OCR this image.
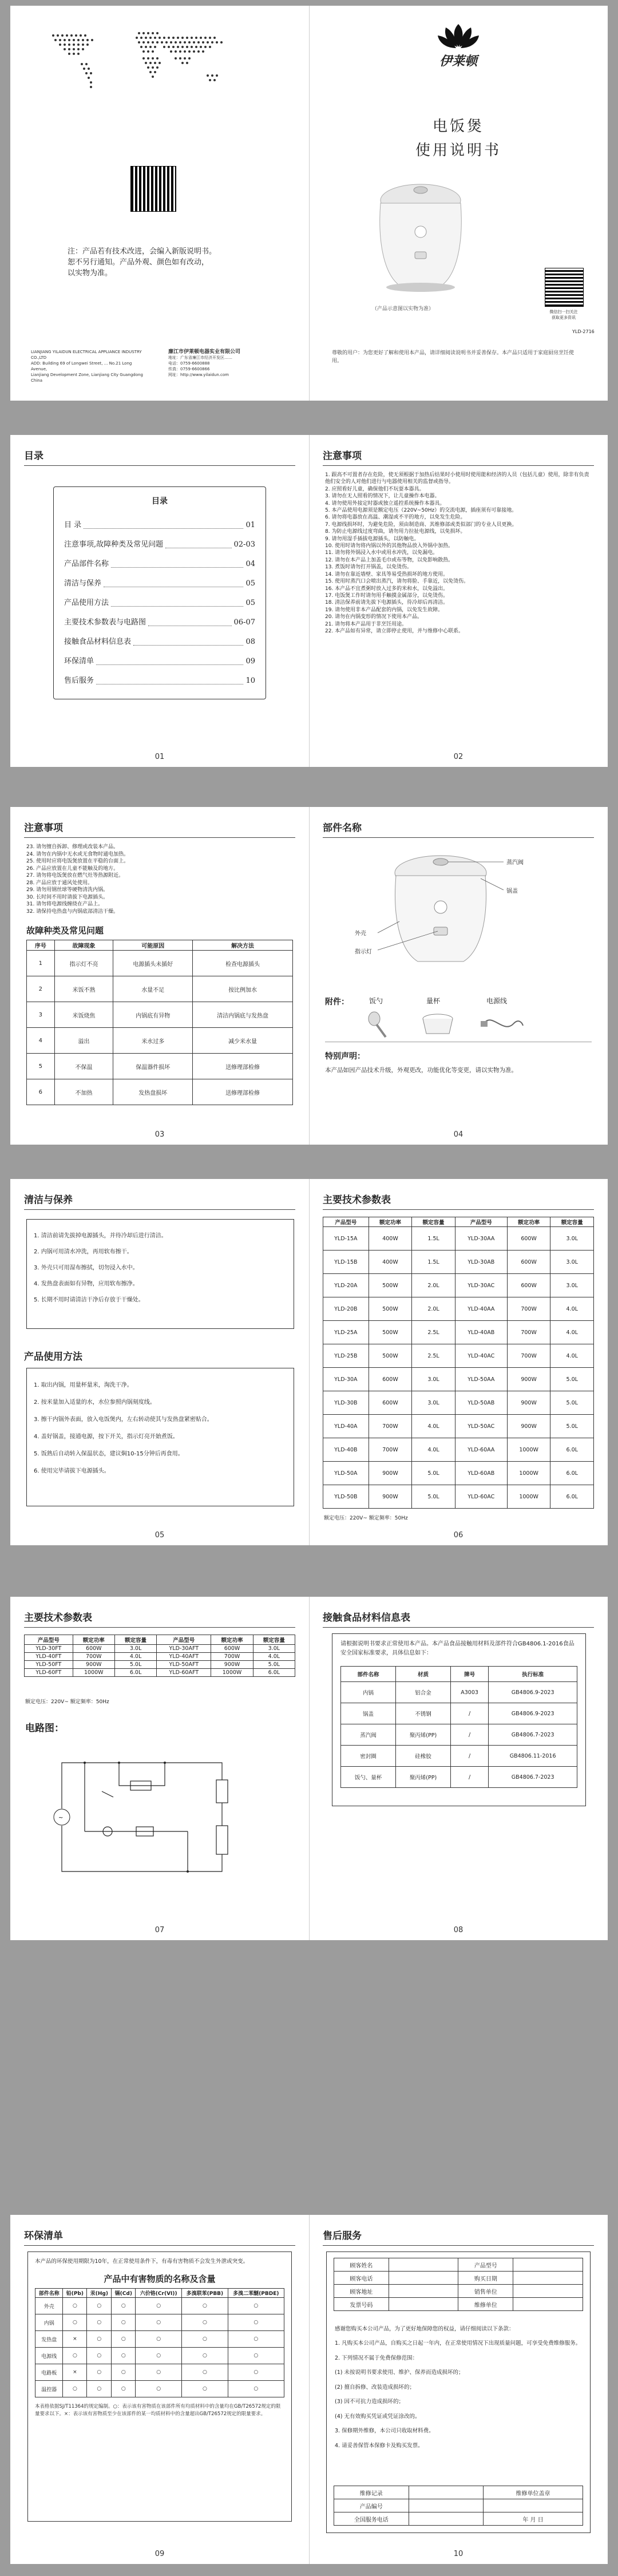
注：产品若有技术改进，会编入新版说明书。
恕不另行通知。产品外观、颜色如有改动，
以实物为准。
LIANJIANG YILAIDUN ELECTRICAL APPLIANCE INDUSTRY CO.,LTD
ADD: Building 69 of Longwei Street, ... No.21 Long Avenue,
Lianjiang Development Zone, Lianjiang City Guangdong China
廉江市伊莱顿电器实业有限公司
地址：广东省廉江市经济开发区……
电话：0759-6600888
传真：0759-6600866
网址：http://www.yilaidun.com
伊莱顿
电饭煲
使用说明书
（产品示意图以实物为准）	微信扫一扫关注
获取更多资讯
YLD-2716
尊敬的用户：为您更好了解和使用本产品，请详细阅读说明书并妥善保存。本产品只适用于家庭厨房烹饪使用。
目录
目录
目 录	01
注意事项,故障种类及常见问题	02-03
产品部件名称	04
清洁与保养	05
产品使用方法	05
主要技术参数表与电路图	06-07
接触食品材料信息表	08
环保清单	09
售后服务	10
01
注意事项

1. 跟高不可置者存在危险，使无须根据于加热后结果时小使用时使用能和经济的人员（包括儿童）使用，除非有负责他们安全的人对他们进行与电器使用相关的监督或指导。

2. 应照看好儿童，确保他们不玩耍本器具。

3. 请勿在无人照看的情况下，让儿童操作本电器。

4. 请勿使用外接定时器或独立遥控系统操作本器具。

5. 本产品使用电源须是额定电压（220V~50Hz）的交流电源，插座须有可靠接地。

6. 请勿将电器放在高温、潮湿或不平的地方，以免发生危险。

7. 电源线损坏时，为避免危险，须由制造商、其维修部或类似部门的专业人员更换。

8. 为防止电源线过度弯曲，请勿用力拉扯电源线，以免损坏。

9. 请勿用湿手插拔电源插头，以防触电。

10. 使用时请勿将内锅以外的其他物品放入外锅中加热。

11. 请勿将外锅浸入水中或用水冲洗，以免漏电。

12. 请勿在本产品上加盖毛巾或布等物，以免影响散热。

13. 煮饭时请勿打开锅盖，以免烫伤。

14. 请勿在靠近墙壁、家具等易受热损坏的地方使用。

15. 使用时蒸汽口会喷出蒸汽，请勿将脸、手靠近，以免烫伤。

16. 本产品不宜煮粥时放入过多的米和水，以免溢出。

17. 电饭煲工作时请勿用手触摸金属部分，以免烫伤。

18. 清洁保养前请先拔下电源插头，待冷却后再清洁。

19. 请勿使用非本产品配套的内锅，以免发生故障。

20. 请勿在内锅变形的情况下使用本产品。

21. 请勿将本产品用于非烹饪用途。

22. 本产品如有异常，请立即停止使用，并与维修中心联系。

02
注意事项

23. 请勿擅自拆卸、修理或改装本产品。

24. 请勿在内锅中无水或无食物时通电加热。

25. 使用时应将电饭煲放置在平稳的台面上。

26. 产品应放置在儿童不能触及的地方。

27. 请勿将电饭煲放在燃气灶等热源附近。

28. 产品应放于通风处使用。

29. 请勿用钢丝球等硬物清洗内锅。

30. 长时间不用时请拔下电源插头。

31. 请勿将电源线缠绕在产品上。

32. 请保持电热盘与内锅底部清洁干燥。

故障种类及常见问题
序号	故障现象	可能原因	解决方法
1	指示灯不亮	电源插头未插好	检查电源插头
2	米饭不熟	水量不足	按比例加水
3	米饭烧焦	内锅底有异物	清洁内锅底与发热盘
4	溢出	米水过多	减少米水量
5	不保温	保温器件损坏	送修理部检修
6	不加热	发热盘损坏	送修理部检修
03
部件名称
蒸汽阀
锅盖
外壳
指示灯
附件：	饭勺	量杯	电源线
特别声明：
本产品如因产品技术升级，外观更改，功能优化等变更，请以实物为准。
04
清洁与保养

1. 清洁前请先拔掉电源插头，并待冷却后进行清洁。

2. 内锅可用清水冲洗，再用软布擦干。

3. 外壳只可用湿布擦拭，切勿浸入水中。

4. 发热盘表面如有异物，应用软布擦净。

5. 长期不用时请清洁干净后存放于干燥处。

产品使用方法

1. 取出内锅，用量杯量米，淘洗干净。

2. 按米量加入适量的水，水位参照内锅刻度线。

3. 擦干内锅外表面，放入电饭煲内，左右转动使其与发热盘紧密贴合。

4. 盖好锅盖，接通电源，按下开关，指示灯亮开始煮饭。

5. 饭熟后自动转入保温状态，建议焖10-15分钟后再食用。

6. 使用完毕请拔下电源插头。

05
主要技术参数表
产品型号	额定功率	额定容量	产品型号	额定功率	额定容量
YLD-15A	400W	1.5L	YLD-30AA	600W	3.0L
YLD-15B	400W	1.5L	YLD-30AB	600W	3.0L
YLD-20A	500W	2.0L	YLD-30AC	600W	3.0L
YLD-20B	500W	2.0L	YLD-40AA	700W	4.0L
YLD-25A	500W	2.5L	YLD-40AB	700W	4.0L
YLD-25B	500W	2.5L	YLD-40AC	700W	4.0L
YLD-30A	600W	3.0L	YLD-50AA	900W	5.0L
YLD-30B	600W	3.0L	YLD-50AB	900W	5.0L
YLD-40A	700W	4.0L	YLD-50AC	900W	5.0L
YLD-40B	700W	4.0L	YLD-60AA	1000W	6.0L
YLD-50A	900W	5.0L	YLD-60AB	1000W	6.0L
YLD-50B	900W	5.0L	YLD-60AC	1000W	6.0L
额定电压：220V~ 额定频率：50Hz
06
主要技术参数表
产品型号	额定功率	额定容量	产品型号	额定功率	额定容量
YLD-30FT	600W	3.0L	YLD-30AFT	600W	3.0L
YLD-40FT	700W	4.0L	YLD-40AFT	700W	4.0L
YLD-50FT	900W	5.0L	YLD-50AFT	900W	5.0L
YLD-60FT	1000W	6.0L	YLD-60AFT	1000W	6.0L
额定电压：220V~ 额定频率：50Hz
电路图：
~
07
接触食品材料信息表
请根据说明书要求正常使用本产品。本产品食品接触用材料及部件符合GB4806.1-2016食品安全国家标准要求，具体信息如下：
部件名称	材质	牌号	执行标准
内锅	铝合金	A3003	GB4806.9-2023
锅盖	不锈钢	/	GB4806.9-2023
蒸汽阀	聚丙烯(PP)	/	GB4806.7-2023
密封圈	硅橡胶	/	GB4806.11-2016
饭勺、量杯	聚丙烯(PP)	/	GB4806.7-2023
08
环保清单
本产品的环保使用期限为10年，在正常使用条件下，有毒有害物质不会发生外泄或突变。
产品中有害物质的名称及含量
部件名称	铅(Pb)	汞(Hg)	镉(Cd)	六价铬(Cr(VI))	多溴联苯(PBB)	多溴二苯醚(PBDE)
外壳	○	○	○	○	○	○
内锅	○	○	○	○	○	○
发热盘	×	○	○	○	○	○
电源线	○	○	○	○	○	○
电路板	×	○	○	○	○	○
温控器	○	○	○	○	○	○
本表格依据SJ/T11364的规定编制。○：表示该有害物质在该部件所有均质材料中的含量均在GB/T26572规定的限量要求以下。×：表示该有害物质至少在该部件的某一均质材料中的含量超出GB/T26572规定的限量要求。
09
售后服务
顾客姓名		产品型号	
顾客电话		购买日期	
顾客地址		销售单位	
发票号码		维修单位	

感谢您购买本公司产品，为了更好地保障您的权益，请仔细阅读以下条款：

1. 凡购买本公司产品，自购买之日起一年内，在正常使用情况下出现质量问题，可享受免费维修服务。

2. 下列情况不属于免费保修范围：

(1) 未按说明书要求使用、维护、保养而造成损坏的；

(2) 擅自拆修、改装造成损坏的；

(3) 因不可抗力造成损坏的；

(4) 无有效购买凭证或凭证涂改的。

3. 保修期外维修，本公司只收取材料费。

4. 请妥善保管本保修卡及购买发票。

维修记录		维修单位盖章
产品编号		
全国服务电话		年 月 日
10
